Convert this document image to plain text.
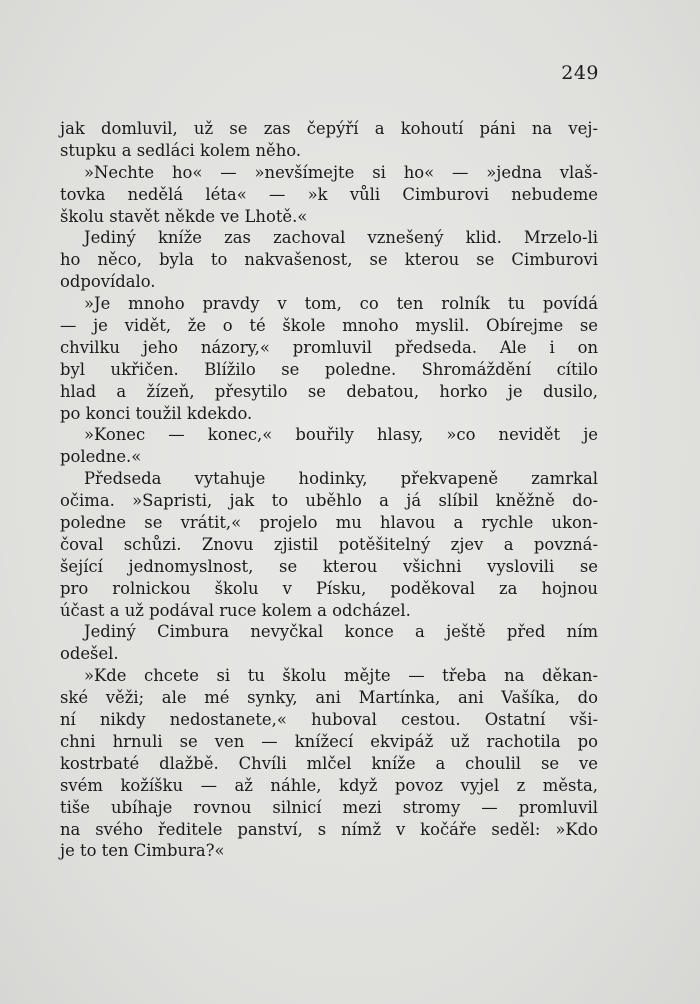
249
jak domluvil, už se zas čepýří a kohoutí páni na vej-
stupku a sedláci kolem něho.
»Nechte ho« — »nevšímejte si ho« — »jedna vlaš-
tovka nedělá léta« — »k vůli Cimburovi nebudeme
školu stavět někde ve Lhotě.«
Jediný kníže zas zachoval vznešený klid. Mrzelo-li
ho něco, byla to nakvašenost, se kterou se Cimburovi
odpovídalo.
»Je mnoho pravdy v tom, co ten rolník tu povídá
— je vidět, že o té škole mnoho myslil. Obírejme se
chvilku jeho názory,« promluvil předseda. Ale i on
byl ukřičen. Blížilo se poledne. Shromáždění cítilo
hlad a žízeň, přesytilo se debatou, horko je dusilo,
po konci toužil kdekdo.
»Konec — konec,« bouřily hlasy, »co nevidět je
poledne.«
Předseda vytahuje hodinky, překvapeně zamrkal
očima. »Sapristi, jak to uběhlo a já slíbil kněžně do-
poledne se vrátit,« projelo mu hlavou a rychle ukon-
čoval schůzi. Znovu zjistil potěšitelný zjev a povzná-
šející jednomyslnost, se kterou všichni vyslovili se
pro rolnickou školu v Písku, poděkoval za hojnou
účast a už podával ruce kolem a odcházel.
Jediný Cimbura nevyčkal konce a ještě před ním
odešel.
»Kde chcete si tu školu mějte — třeba na děkan-
ské věži; ale mé synky, ani Martínka, ani Vašíka, do
ní nikdy nedostanete,« huboval cestou. Ostatní vši-
chni hrnuli se ven — knížecí ekvipáž už rachotila po
kostrbaté dlažbě. Chvíli mlčel kníže a choulil se ve
svém kožíšku — až náhle, když povoz vyjel z města,
tiše ubíhaje rovnou silnicí mezi stromy — promluvil
na svého ředitele panství, s nímž v kočáře seděl: »Kdo
je to ten Cimbura?«
